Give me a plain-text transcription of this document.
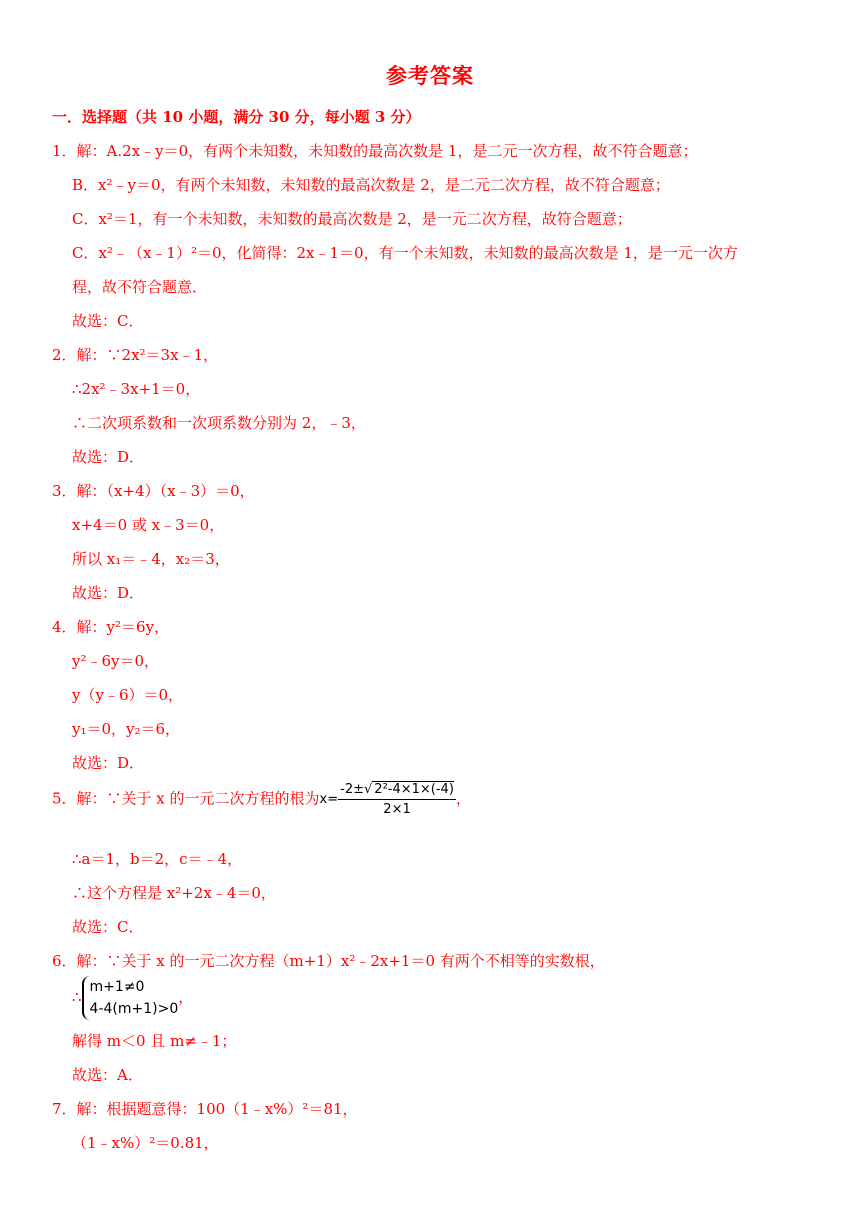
参考答案
一．选择题（共 10 小题，满分 30 分，每小题 3 分）
1．解：A.2x﹣y＝0，有两个未知数，未知数的最高次数是 1，是二元一次方程，故不符合题意；
B．x²﹣y＝0，有两个未知数，未知数的最高次数是 2，是二元二次方程，故不符合题意；
C．x²＝1，有一个未知数，未知数的最高次数是 2，是一元二次方程，故符合题意；
C．x²﹣（x﹣1）²＝0，化简得：2x﹣1＝0，有一个未知数，未知数的最高次数是 1，是一元一次方
程，故不符合题意．
故选：C．
2．解：∵2x²＝3x﹣1，
∴2x²﹣3x+1＝0，
∴二次项系数和一次项系数分别为 2，﹣3，
故选：D．
3．解：（x+4）（x﹣3）＝0，
x+4＝0 或 x﹣3＝0，
所以 x₁＝﹣4，x₂＝3，
故选：D．
4．解：y²＝6y，
y²﹣6y＝0，
y（y﹣6）＝0，
y₁＝0，y₂＝6，
故选：D．
5．解：∵关于 x 的一元二次方程的根为$x= \frac{\text{-2±√ 2²-4×1×(-4)}}{2\times 1}$ ，
∴a＝1，b＝2，c＝﹣4，
∴这个方程是 x²+2x﹣4＝0，
故选：C．
6．解：∵关于 x 的一元二次方程（m+1）x²﹣2x+1＝0 有两个不相等的实数根，
∴
m+1≠0
4-4(m+1)>0
，
解得 m＜0 且 m≠﹣1；
故选：A．
7．解：根据题意得：100（1﹣x%）²＝81，
（1﹣x%）²＝0.81，
